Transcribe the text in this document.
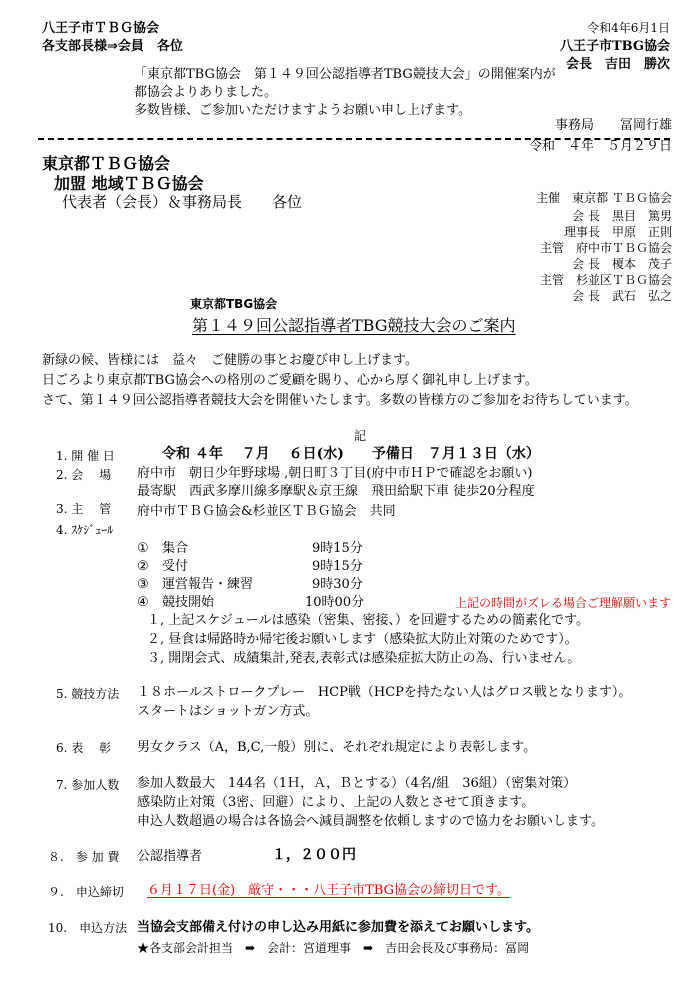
八王子市ＴＢＧ協会
各支部長様⇒会員　各位
令和4年6月1日
八王子市TBG協会
会長　吉田　勝次
「東京都TBG協会　第１４９回公認指導者TBG競技大会」の開催案内が
都協会よりありました。
多数皆様、ご参加いただけますようお願い申し上げます。
事務局　　冨岡行雄
令和　４年　５月２９日
東京都ＴＢＧ協会
加盟 地域ＴＢＧ協会
代表者（会長）＆事務局長　　各位	主催　東京都 ＴＢＧ協会
会 長　黒目　篤男
理事長　甲原　正則
主管　府中市ＴＢＧ協会
会 長　榎本　茂子
主管　杉並区ＴＢＧ協会
会 長　武石　弘之
東京都TBG協会
第１４９回公認指導者TBG競技大会のご案内
新緑の候、皆様には　益々　ご健勝の事とお慶び申し上げます。
日ごろより東京都TBG協会への格別のご愛顧を賜り、心から厚く御礼申し上げます。
さて、第１４９回公認指導者競技大会を開催いたします。多数の皆様方のご参加をお待ちしています。
記
1. 開 催 日	令和 ４年　 ７月　 ６日(水)　　予備日　７月１３日（水）
2. 会　 場 府中市　朝日少年野球場 ,朝日町３丁目(府中市ＨＰで確認をお願い)
最寄駅　西武多摩川線多摩駅＆京王線　飛田給駅下車 徒歩20分程度
3. 主　 管 府中市ＴＢＧ協会&杉並区ＴＢＧ協会　共同
4. ｽｹｼﾞｭｰﾙ
① 集合	9時15分
② 受付	9時15分
③ 運営報告・練習	9時30分
④ 競技開始	10時00分	上記の時間がズレる場合ご理解願います
１, 上記スケジュールは感染（密集、密接、）を回避するための簡素化です。
２, 昼食は帰路時か帰宅後お願いします（感染拡大防止対策のためです）。
３, 開閉会式、成績集計,発表,表彰式は感染症拡大防止の為、行いません。
5. 競技方法 １８ホールストロークプレー　HCP戦（HCPを持たない人はグロス戦となります）。
スタートはショットガン方式。
6. 表　 彰 男女クラス（A，B,C,一般）別に、それぞれ規定により表彰します。
7. 参加人数 参加人数最大　144名（1Ｈ，Ａ，Ｂとする）（4名/組　36組）（密集対策）
感染防止対策（3密、回避）により、上記の人数とさせて頂きます。
申込人数超過の場合は各協会へ減員調整を依頼しますので協力をお願いします。
８.　参 加 費 公認指導者	１，２００円
９.　申込締切 ６月１７日(金)　厳守・・・八王子市TBG協会の締切日です。
10.　申込方法 当協会支部備え付けの申し込み用紙に参加費を添えてお願いします。
★各支部会計担当　➡　会計：宮道理事　➡　吉田会長及び事務局：冨岡
